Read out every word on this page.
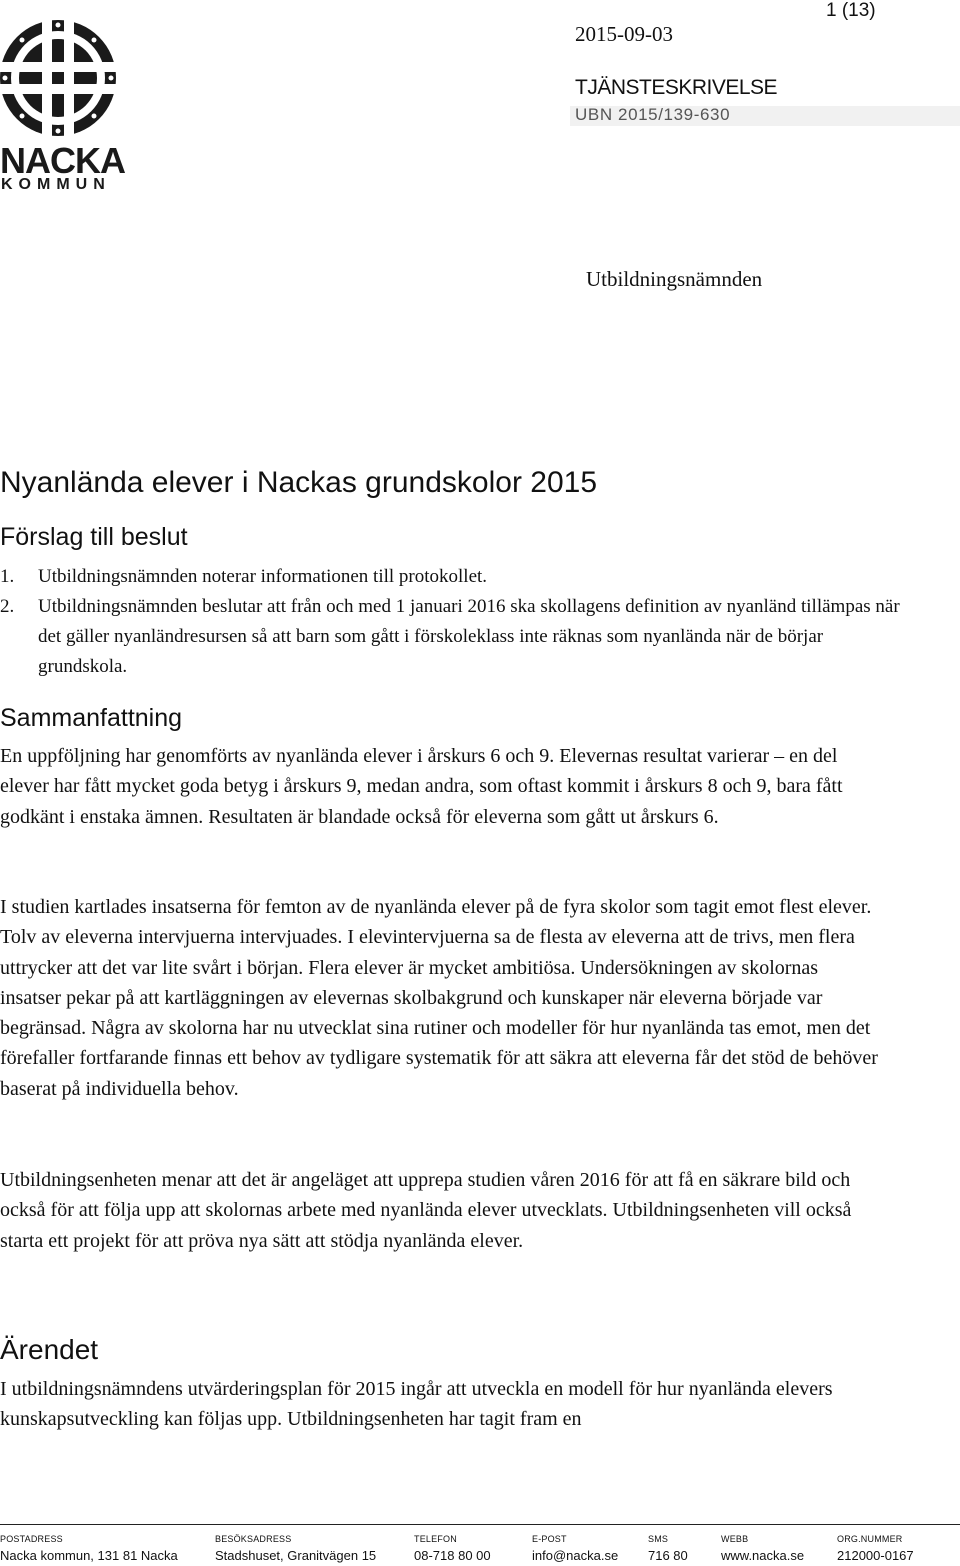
NACKA
KOMMUN
1 (13)
2015-09-03
TJÄNSTESKRIVELSE
UBN 2015/139-630
Utbildningsnämnden
Nyanlända elever i Nackas grundskolor 2015
Förslag till beslut
1. Utbildningsnämnden noterar informationen till protokollet.
2. Utbildningsnämnden beslutar att från och med 1 januari 2016 ska skollagens definition av nyanländ tillämpas när det gäller nyanländresursen så att barn som gått i förskoleklass inte räknas som nyanlända när de börjar grundskola.
Sammanfattning
En uppföljning har genomförts av nyanlända elever i årskurs 6 och 9. Elevernas resultat varierar – en del elever har fått mycket goda betyg i årskurs 9, medan andra, som oftast kommit i årskurs 8 och 9, bara fått godkänt i enstaka ämnen. Resultaten är blandade också för eleverna som gått ut årskurs 6.
I studien kartlades insatserna för femton av de nyanlända elever på de fyra skolor som tagit emot flest elever. Tolv av eleverna intervjuerna intervjuades. I elevintervjuerna sa de flesta av eleverna att de trivs, men flera uttrycker att det var lite svårt i början. Flera elever är mycket ambitiösa. Undersökningen av skolornas insatser pekar på att kartläggningen av elevernas skolbakgrund och kunskaper när eleverna började var begränsad. Några av skolorna har nu utvecklat sina rutiner och modeller för hur nyanlända tas emot, men det förefaller fortfarande finnas ett behov av tydligare systematik för att säkra att eleverna får det stöd de behöver baserat på individuella behov.
Utbildningsenheten menar att det är angeläget att upprepa studien våren 2016 för att få en säkrare bild och också för att följa upp att skolornas arbete med nyanlända elever utvecklats. Utbildningsenheten vill också starta ett projekt för att pröva nya sätt att stödja nyanlända elever.
Ärendet
I utbildningsnämndens utvärderingsplan för 2015 ingår att utveckla en modell för hur nyanlända elevers kunskapsutveckling kan följas upp. Utbildningsenheten har tagit fram en
POSTADRESS
Nacka kommun, 131 81 Nacka
BESÖKSADRESS
Stadshuset, Granitvägen 15
TELEFON
08-718 80 00
E-POST
info@nacka.se
SMS
716 80
WEBB
www.nacka.se
ORG.NUMMER
212000-0167
